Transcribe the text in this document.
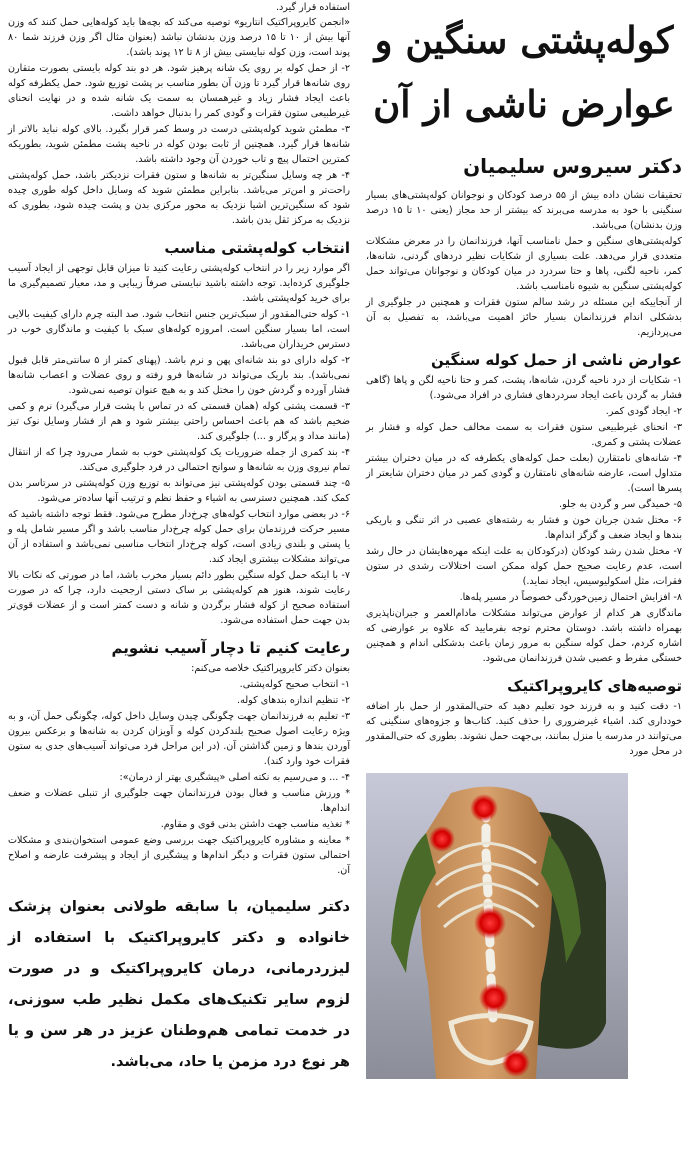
استفاده قرار گیرد.

«انجمن کایروپراکتیک انتاریو» توصیه می‌کند که بچه‌ها باید کوله‌هایی حمل کنند که وزن آنها بیش از ۱۰ تا ۱۵ درصد وزن بدنشان نباشد (بعنوان مثال اگر وزن فرزند شما ۸۰ پوند است، وزن کوله نبایستی بیش از ۸ تا ۱۲ پوند باشد).

۲- از حمل کوله بر روی یک شانه پرهیز شود. هر دو بند کوله بایستی بصورت متقارن روی شانه‌ها قرار گیرد تا وزن آن بطور مناسب بر پشت توزیع شود. حمل یکطرفه کوله باعث ایجاد فشار زیاد و غیرهمسان به سمت یک شانه شده و در نهایت انحنای غیرطبیعی ستون فقرات و گودی کمر را بدنبال خواهد داشت.

۳- مطمئن شوید کوله‌پشتی درست در وسط کمر قرار بگیرد. بالای کوله نباید بالاتر از شانه‌ها قرار گیرد. همچنین از ثابت بودن کوله در ناحیه پشت مطمئن شوید، بطوریکه کمترین احتمال پیچ و تاب خوردن آن وجود داشته باشد.

۴- هر چه وسایل سنگین‌تر به شانه‌ها و ستون فقرات نزدیکتر باشد، حمل کوله‌پشتی راحت‌تر و امن‌تر می‌باشد. بنابراین مطمئن شوید که وسایل داخل کوله طوری چیده شود که سنگین‌ترین اشیا نزدیک به محور مرکزی بدن و پشت چیده شود، بطوری که نزدیک به مرکز ثقل بدن باشد.

انتخاب کوله‌پشتی مناسب

اگر موارد زیر را در انتخاب کوله‌پشتی رعایت کنید تا میزان قابل توجهی از ایجاد آسیب جلوگیری کرده‌اید. توجه داشته باشید نبایستی صرفاً زیبایی و مد، معیار تصمیم‌گیری ما برای خرید کوله‌پشتی باشد.

۱- کوله حتی‌المقدور از سبک‌ترین جنس انتخاب شود. صد البته چرم دارای کیفیت بالایی است، اما بسیار سنگین است. امروزه کوله‌های سبک با کیفیت و ماندگاری خوب در دسترس خریداران می‌باشد.

۲- کوله دارای دو بند شانه‌ای پهن و نرم باشد. (پهنای کمتر از ۵ سانتی‌متر قابل قبول نمی‌باشد). بند باریک می‌تواند در شانه‌ها فرو رفته و روی عضلات و اعصاب شانه‌ها فشار آورده و گردش خون را مختل کند و به هیچ عنوان توصیه نمی‌شود.

۳- قسمت پشتی کوله (همان قسمتی که در تماس با پشت قرار می‌گیرد) نرم و کمی ضخیم باشد که هم باعث احساس راحتی بیشتر شود و هم از فشار وسایل نوک تیز (مانند مداد و پرگار و ...) جلوگیری کند.

۴- بند کمری از جمله ضروریات یک کوله‌پشتی خوب به شمار می‌رود چرا که از انتقال تمام نیروی وزن به شانه‌ها و سوانح احتمالی در فرد جلوگیری می‌کند.

۵- چند قسمتی بودن کوله‌پشتی نیز می‌تواند به توزیع وزن کوله‌پشتی در سرتاسر بدن کمک کند. همچنین دسترسی به اشیاء و حفظ نظم و ترتیب آنها ساده‌تر می‌شود.

۶- در بعضی موارد انتخاب کوله‌های چرخ‌دار مطرح می‌شود. فقط توجه داشته باشید که مسیر حرکت فرزندمان برای حمل کوله چرخ‌دار مناسب باشد و اگر مسیر شامل پله و یا پستی و بلندی زیادی است، کوله چرخ‌دار انتخاب مناسبی نمی‌باشد و استفاده از آن می‌تواند مشکلات بیشتری ایجاد کند.

۷- با اینکه حمل کوله سنگین بطور دائم بسیار مخرب باشد، اما در صورتی که نکات بالا رعایت شوند، هنوز هم کوله‌پشتی بر ساک دستی ارجحیت دارد، چرا که در صورت استفاده صحیح از کوله فشار برگردن و شانه و دست کمتر است و از عضلات قوی‌تر بدن جهت حمل استفاده می‌شود.

رعایت کنیم تا دچار آسیب نشویم

بعنوان دکتر کایروپراکتیک خلاصه می‌کنم:

۱- انتخاب صحیح کوله‌پشتی.

۲- تنظیم اندازه بندهای کوله.

۳- تعلیم به فرزندانمان جهت چگونگی چیدن وسایل داخل کوله، چگونگی حمل آن، و به ویژه رعایت اصول صحیح بلندکردن کوله و آویزان کردن به شانه‌ها و برعکس بیرون آوردن بندها و زمین گذاشتن آن. (در این مراحل فرد می‌تواند آسیب‌های جدی به ستون فقرات خود وارد کند).

۴- ... و می‌رسیم به نکته اصلی «پیشگیری بهتر از درمان»:

* ورزش مناسب و فعال بودن فرزندانمان جهت جلوگیری از تنبلی عضلات و ضعف اندام‌ها.

* تغذیه مناسب جهت داشتن بدنی قوی و مقاوم.

* معاینه و مشاوره کایروپراکتیک جهت بررسی وضع عمومی استخوان‌بندی و مشکلات احتمالی ستون فقرات و دیگر اندام‌ها و پیشگیری از ایجاد و پیشرفت عارضه و اصلاح آن.

دکتر سلیمیان، با سابقه طولانی بعنوان پزشک خانواده و دکتر کایروپراکتیک با استفاده از لیزردرمانی، درمان کایروپراکتیک و در صورت لزوم سایر تکنیک‌های مکمل نظیر طب سوزنی، در خدمت تمامی هم‌وطنان عزیز در هر سن و یا هر نوع درد مزمن یا حاد، می‌باشد.
کوله‌پشتی سنگین و
عوارض ناشی از آن
دکتر سیروس سلیمیان

تحقیقات نشان داده بیش از ۵۵ درصد کودکان و نوجوانان کوله‌پشتی‌های بسیار سنگینی با خود به مدرسه می‌برند که بیشتر از حد مجاز (یعنی ۱۰ تا ۱۵ درصد وزن بدنشان) می‌باشد.

کوله‌پشتی‌های سنگین و حمل نامناسب آنها، فرزندانمان را در معرض مشکلات متعددی قرار می‌دهد. علت بسیاری از شکایات نظیر دردهای گردنی، شانه‌ها، کمر، ناحیه لگنی، پاها و حتا سردرد در میان کودکان و نوجوانان می‌تواند حمل کوله‌پشتی سنگین به شیوه نامناسب باشد.

از آنجاییکه این مسئله در رشد سالم ستون فقرات و همچنین در جلوگیری از بدشکلی اندام فرزندانمان بسیار حائز اهمیت می‌باشد، به تفصیل به آن می‌پردازیم.

عوارض ناشی از حمل کوله سنگین

۱- شکایات از درد ناحیه گردن، شانه‌ها، پشت، کمر و حتا ناحیه لگن و پاها (گاهی فشار به گردن باعث ایجاد سردردهای فشاری در افراد می‌شود.)

۲- ایجاد گودی کمر.

۳- انحنای غیرطبیعی ستون فقرات به سمت مخالف حمل کوله و فشار بر عضلات پشتی و کمری.

۴- شانه‌های نامتقارن (بعلت حمل کوله‌های یکطرفه که در میان دختران بیشتر متداول است، عارضه شانه‌های نامتقارن و گودی کمر در میان دختران شایعتر از پسرها است).

۵- خمیدگی سر و گردن به جلو.

۶- مختل شدن جریان خون و فشار به رشته‌های عصبی در اثر تنگی و باریکی بندها و ایجاد ضعف و گزگز اندام‌ها.

۷- مختل شدن رشد کودکان (درکودکان به علت اینکه مهره‌هایشان در حال رشد است، عدم رعایت صحیح حمل کوله ممکن است اختلالات رشدی در ستون فقرات، مثل اسکولیوسیس، ایجاد نماید.)

۸- افزایش احتمال زمین‌خوردگی خصوصاً در مسیر پله‌ها.

ماندگاری هر کدام از عوارض می‌تواند مشکلات مادام‌العمر و جبران‌ناپذیری بهمراه داشته باشد. دوستان محترم توجه بفرمایید که علاوه بر عوارضی که اشاره کردم، حمل کوله سنگین به مرور زمان باعث بدشکلی اندام و همچنین خستگی مفرط و عصبی شدن فرزندانمان می‌شود.

توصیه‌های کایروپراکتیک

۱- دقت کنید و به فرزند خود تعلیم دهید که حتی‌المقدور از حمل بار اضافه خودداری کند. اشیاء غیرضروری را حذف کنید. کتاب‌ها و جزوه‌های سنگینی که می‌توانند در مدرسه یا منزل بمانند، بی‌جهت حمل نشوند. بطوری که حتی‌المقدور در محل مورد
